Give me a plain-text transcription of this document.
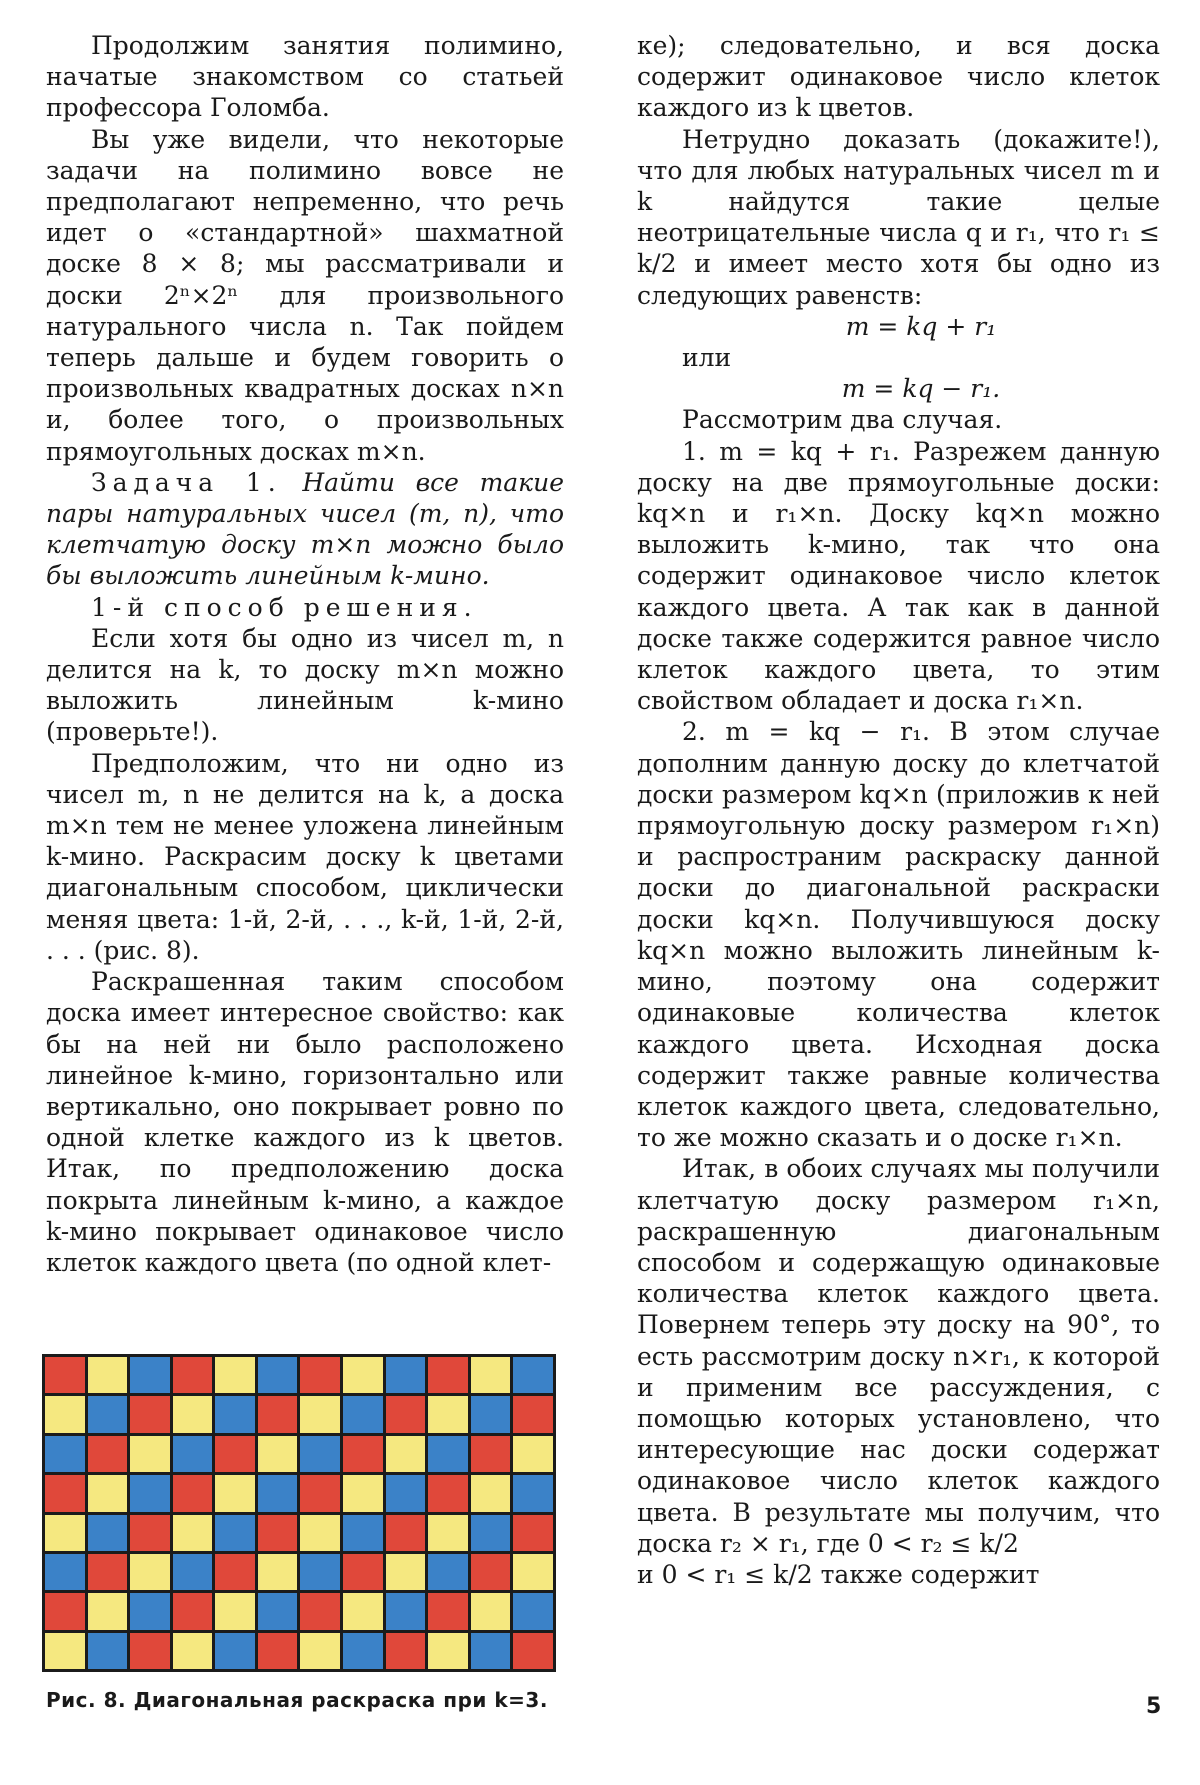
Продолжим занятия полимино, начатые знакомством со статьей профессора Голомба.

Вы уже видели, что некоторые задачи на полимино вовсе не предполагают непременно, что речь идет о «стандартной» шахматной доске 8 × 8; мы рассматривали и доски 2ⁿ×2ⁿ для произвольного натурального числа n. Так пойдем теперь дальше и будем говорить о произвольных квадратных досках n×n и, более того, о произвольных прямоугольных досках m×n.

Задача 1. Найти все такие пары натуральных чисел (m, n), что клетчатую доску m×n можно было бы выложить линейным k-мино.

1-й способ решения.

Если хотя бы одно из чисел m, n делится на k, то доску m×n можно выложить линейным k-мино (проверьте!).

Предположим, что ни одно из чисел m, n не делится на k, а доска m×n тем не менее уложена линейным k-мино. Раскрасим доску k цветами диагональным способом, циклически меняя цвета: 1-й, 2-й, . . ., k-й, 1-й, 2-й, . . . (рис. 8).

Раскрашенная таким способом доска имеет интересное свойство: как бы на ней ни было расположено линейное k-мино, горизонтально или вертикально, оно покрывает ровно по одной клетке каждого из k цветов. Итак, по предположению доска покрыта линейным k-мино, а каждое k-мино покрывает одинаковое число клеток каждого цвета (по одной клет-

ке); следовательно, и вся доска содержит одинаковое число клеток каждого из k цветов.

Нетрудно доказать (докажите!), что для любых натуральных чисел m и k найдутся такие целые неотрицательные числа q и r₁, что r₁ ≤ k/2 и имеет место хотя бы одно из следующих равенств:

m = kq + r₁

или

m = kq − r₁.

Рассмотрим два случая.

1. m = kq + r₁. Разрежем данную доску на две прямоугольные доски: kq×n и r₁×n. Доску kq×n можно выложить k-мино, так что она содержит одинаковое число клеток каждого цвета. А так как в данной доске также содержится равное число клеток каждого цвета, то этим свойством обладает и доска r₁×n.

2. m = kq − r₁. В этом случае дополним данную доску до клетчатой доски размером kq×n (приложив к ней прямоугольную доску размером r₁×n) и распространим раскраску данной доски до диагональной раскраски доски kq×n. Получившуюся доску kq×n можно выложить линейным k-мино, поэтому она содержит одинаковые количества клеток каждого цвета. Исходная доска содержит также равные количества клеток каждого цвета, следовательно, то же можно сказать и о доске r₁×n.

Итак, в обоих случаях мы получили клетчатую доску размером r₁×n, раскрашенную диагональным способом и содержащую одинаковые количества клеток каждого цвета. Повернем теперь эту доску на 90°, то есть рассмотрим доску n×r₁, к которой и применим все рассуждения, с помощью которых установлено, что интересующие нас доски содержат одинаковое число клеток каждого цвета. В результате мы получим, что доска r₂ × r₁, где 0 < r₂ ≤ k/2

и 0 < r₁ ≤ k/2 также содержит

Рис. 8. Диагональная раскраска при k=3.	5
